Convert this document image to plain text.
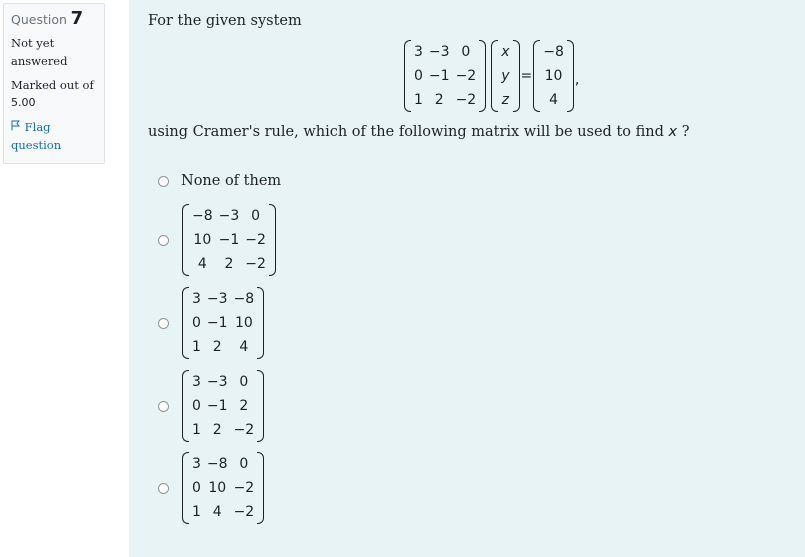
Question 7
Not yet answered
Marked out of
5.00
Flag question
For the given system
3	−3	0
0	−1	−2
1	2	−2
x
y
z
=
−8
10
4
,
using Cramer's rule, which of the following matrix will be used to find x ?
None of them
−8	−3	0
10	−1	−2
4	2	−2
3	−3	−8
0	−1	10
1	2	4
3	−3	0
0	−1	2
1	2	−2
3	−8	0
0	10	−2
1	4	−2
